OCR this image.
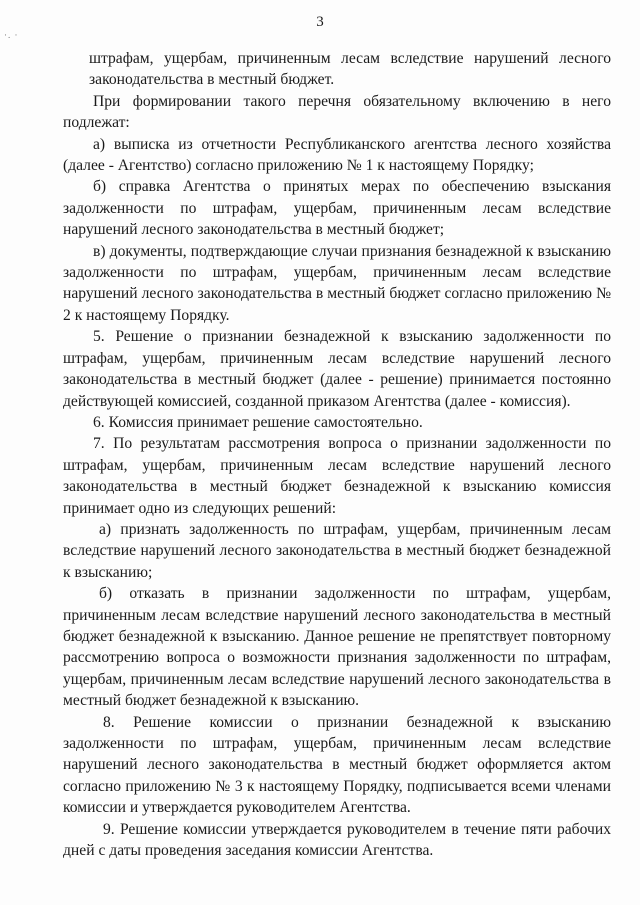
3
·. ·

штрафам, ущербам, причиненным лесам вследствие нарушений лесного законодательства в местный бюджет.

При формировании такого перечня обязательному включению в него подлежат:

а) выписка из отчетности Республиканского агентства лесного хозяйства (далее - Агентство) согласно приложению № 1 к настоящему Порядку;

б) справка Агентства о принятых мерах по обеспечению взыскания задолженности по штрафам, ущербам, причиненным лесам вследствие нарушений лесного законодательства в местный бюджет;

в) документы, подтверждающие случаи признания безнадежной к взысканию задолженности по штрафам, ущербам, причиненным лесам вследствие нарушений лесного законодательства в местный бюджет согласно приложению № 2 к настоящему Порядку.

5. Решение о признании безнадежной к взысканию задолженности по штрафам, ущербам, причиненным лесам вследствие нарушений лесного законодательства в местный бюджет (далее - решение) принимается постоянно действующей комиссией, созданной приказом Агентства (далее - комиссия).

6. Комиссия принимает решение самостоятельно.

7. По результатам рассмотрения вопроса о признании задолженности по штрафам, ущербам, причиненным лесам вследствие нарушений лесного законодательства в местный бюджет безнадежной к взысканию комиссия принимает одно из следующих решений:

а) признать задолженность по штрафам, ущербам, причиненным лесам вследствие нарушений лесного законодательства в местный бюджет безнадежной к взысканию;

б) отказать в признании задолженности по штрафам, ущербам, причиненным лесам вследствие нарушений лесного законодательства в местный бюджет безнадежной к взысканию. Данное решение не препятствует повторному рассмотрению вопроса о возможности признания задолженности по штрафам, ущербам, причиненным лесам вследствие нарушений лесного законодательства в местный бюджет безнадежной к взысканию.

8. Решение комиссии о признании безнадежной к взысканию задолженности по штрафам, ущербам, причиненным лесам вследствие нарушений лесного законодательства в местный бюджет оформляется актом согласно приложению № 3 к настоящему Порядку, подписывается всеми членами комиссии и утверждается руководителем Агентства.

9. Решение комиссии утверждается руководителем в течение пяти рабочих дней с даты проведения заседания комиссии Агентства.
